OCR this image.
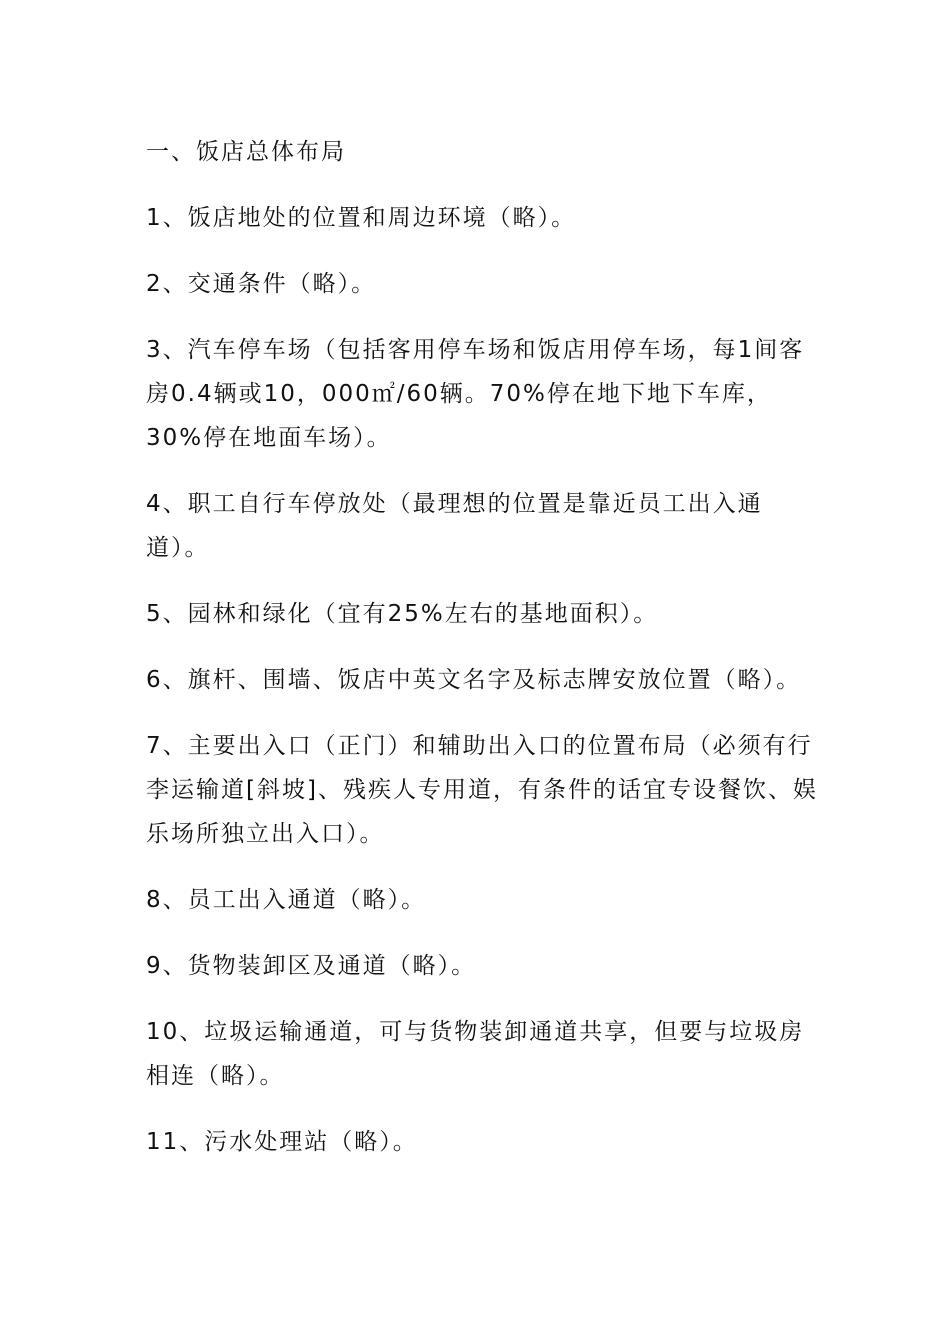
一、饭店总体布局

1、饭店地处的位置和周边环境（略）。

2、交通条件（略）。

3、汽车停车场（包括客用停车场和饭店用停车场，每1间客房0.4辆或10，000㎡/60辆。70%停在地下地下车库，30%停在地面车场）。

4、职工自行车停放处（最理想的位置是靠近员工出入通道）。

5、园林和绿化（宜有25%左右的基地面积）。

6、旗杆、围墙、饭店中英文名字及标志牌安放位置（略）。

7、主要出入口（正门）和辅助出入口的位置布局（必须有行李运输道[斜坡]、残疾人专用道，有条件的话宜专设餐饮、娱乐场所独立出入口）。

8、员工出入通道（略）。

9、货物装卸区及通道（略）。

10、垃圾运输通道，可与货物装卸通道共享，但要与垃圾房相连（略）。

11、污水处理站（略）。
